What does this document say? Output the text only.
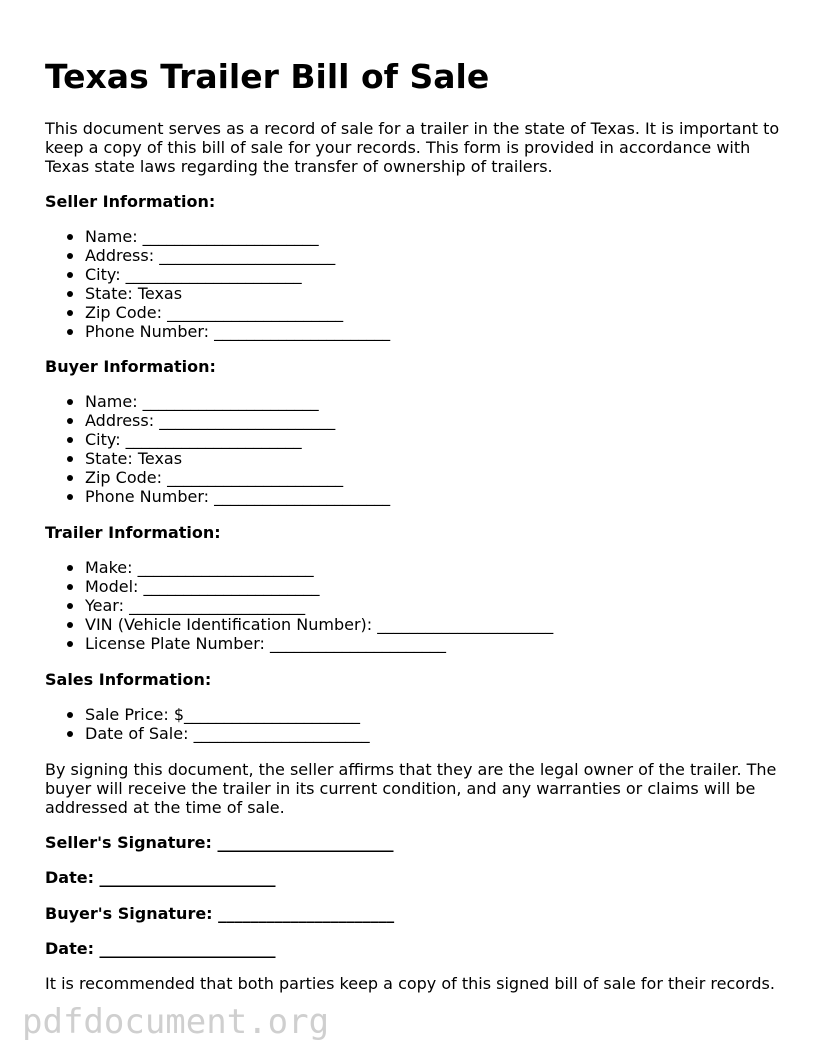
Texas Trailer Bill of Sale

This document serves as a record of sale for a trailer in the state of Texas. It is important to keep a copy of this bill of sale for your records. This form is provided in accordance with Texas state laws regarding the transfer of ownership of trailers.

Seller Information:

Name: ______________________
Address: ______________________
City: ______________________
State: Texas
Zip Code: ______________________
Phone Number: ______________________

Buyer Information:

Name: ______________________
Address: ______________________
City: ______________________
State: Texas
Zip Code: ______________________
Phone Number: ______________________

Trailer Information:

Make: ______________________
Model: ______________________
Year: ______________________
VIN (Vehicle Identification Number): ______________________
License Plate Number: ______________________

Sales Information:

Sale Price: $______________________
Date of Sale: ______________________

By signing this document, the seller affirms that they are the legal owner of the trailer. The buyer will receive the trailer in its current condition, and any warranties or claims will be addressed at the time of sale.

Seller's Signature: ______________________

Date: ______________________

Buyer's Signature: ______________________

Date: ______________________

It is recommended that both parties keep a copy of this signed bill of sale for their records.

pdfdocument.org
